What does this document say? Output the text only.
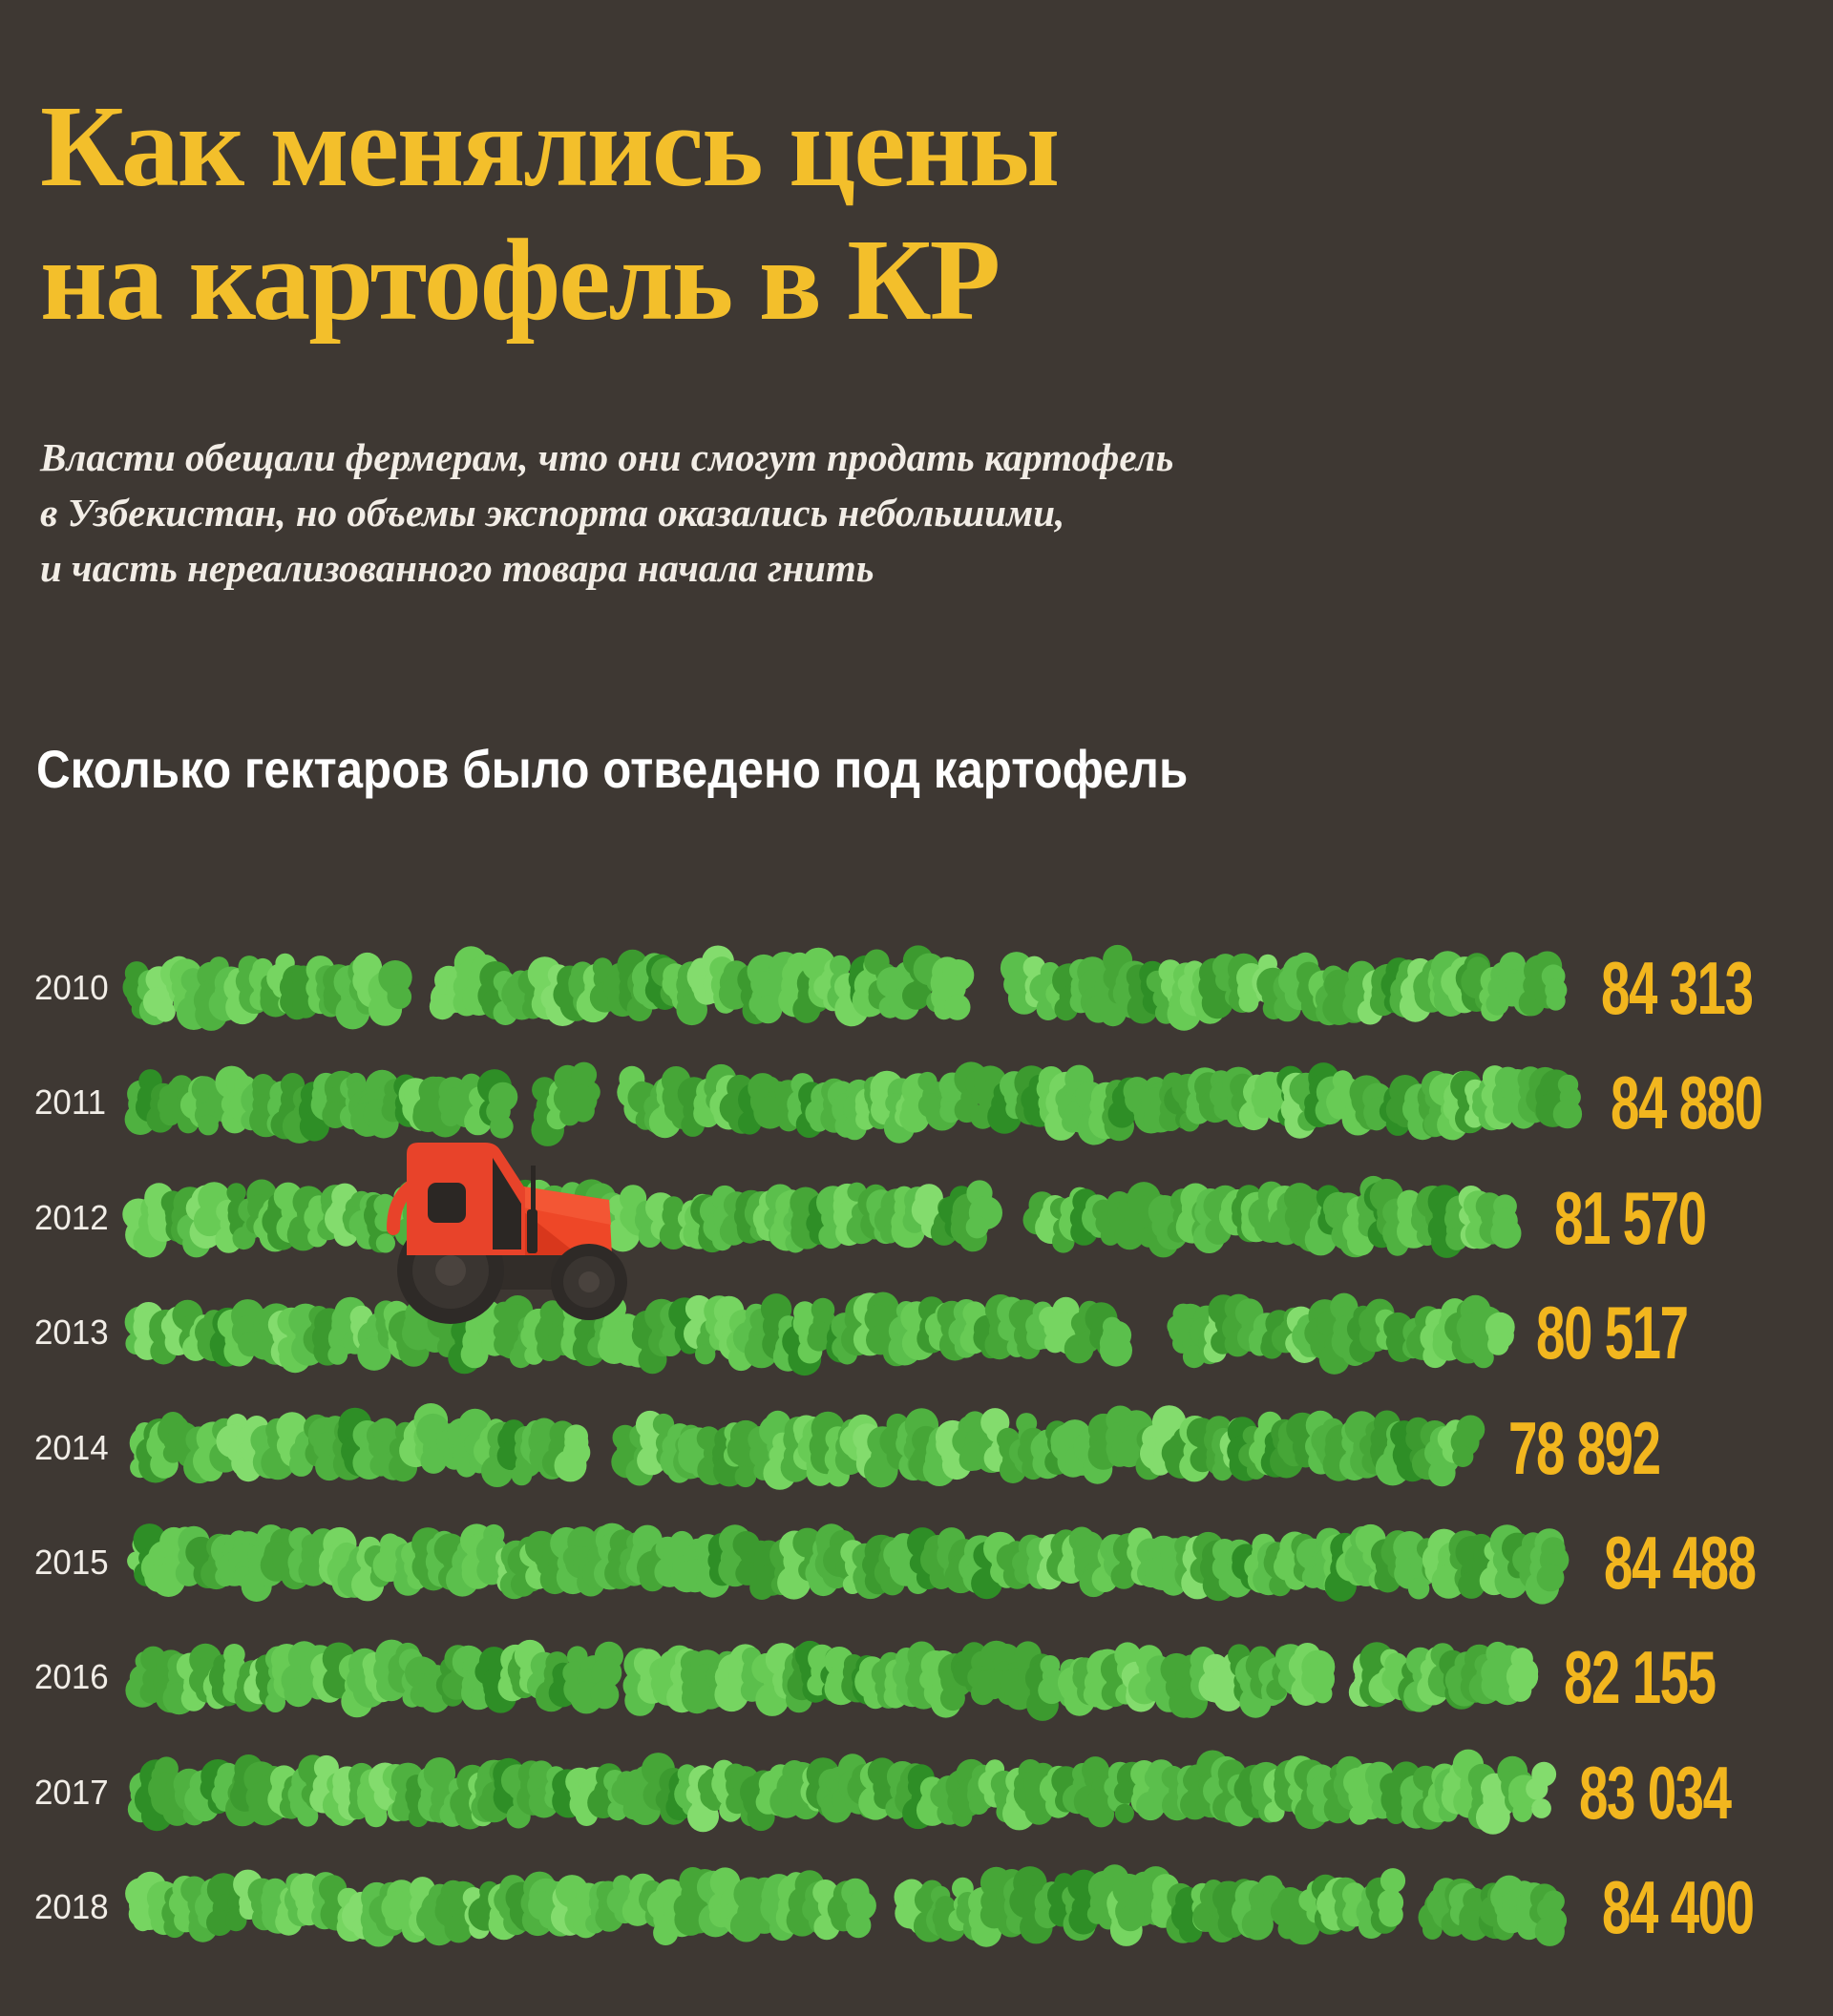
Как менялись цены
на картофель в КР

Власти обещали фермерам, что они смогут продать картофель
в Узбекистан, но объемы экспорта оказались небольшими,
и часть нереализованного товара начала гнить

Сколько гектаров было отведено под картофель
2010	84 313
2011	84 880
2012	81 570
2013	80 517
2014	78 892
2015	84 488
2016	82 155
2017	83 034
2018	84 400
